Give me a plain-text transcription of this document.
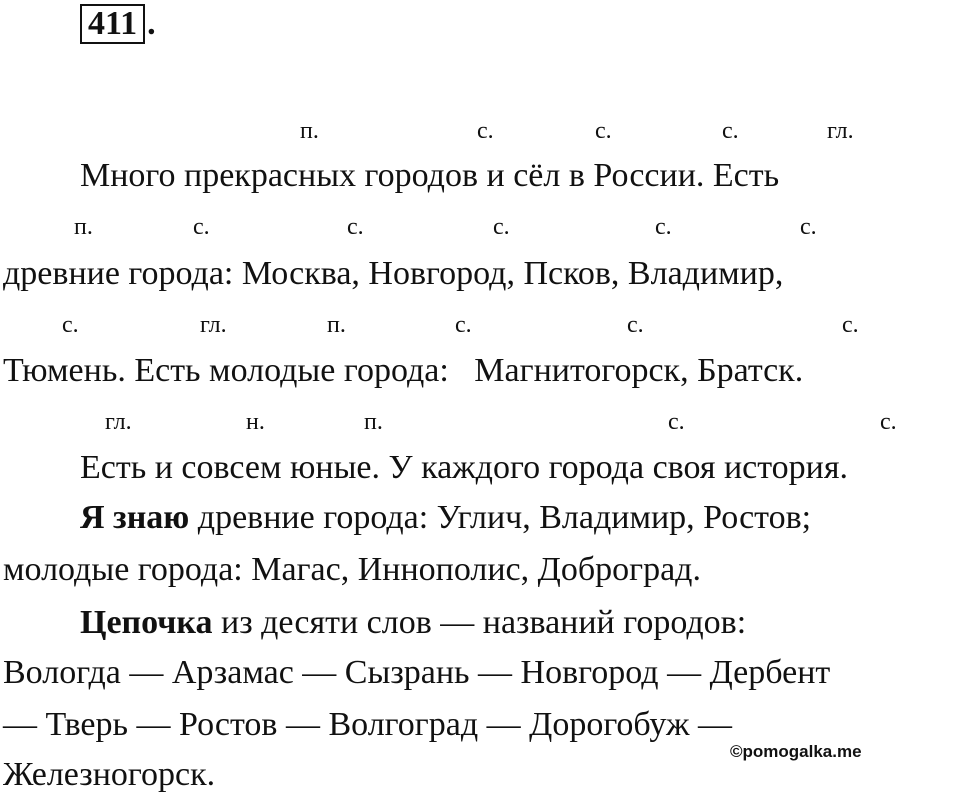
411 .
п.	с.	с.	с.	гл.
Много прекрасных городов и сёл в России. Есть
п.	с.	с.	с.	с.	с.
древние города: Москва, Новгород, Псков, Владимир,
с.	гл.	п.	с.	с.	с.
Тюмень. Есть молодые города:   Магнитогорск, Братск.
гл.	н.	п.	с.	с.
Есть и совсем юные. У каждого города своя история.
Я знаю древние города: Углич, Владимир, Ростов;
молодые города: Магас, Иннополис, Доброград.
Цепочка из десяти слов — названий городов:
Вологда — Арзамас — Сызрань — Новгород — Дербент
— Тверь — Ростов — Волгоград — Дорогобуж —
Железногорск.
©pomogalka.me
